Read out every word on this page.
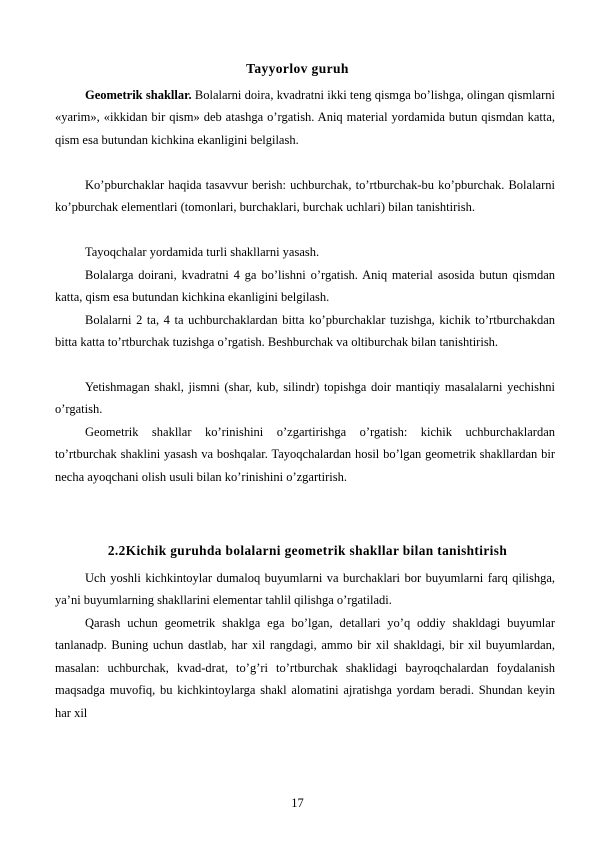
Tayyorlov guruh
Geometrik shakllar. Bolalarni doira, kvadratni ikki teng qismga bo’lishga, olingan qismlarni «yarim», «ikkidan bir qism» deb atashga o’rgatish. Aniq material yordamida butun qismdan katta, qism esa butundan kichkina ekanligini belgilash.
Ko’pburchaklar haqida tasavvur berish: uchburchak, to’rtburchak-bu ko’pburchak. Bolalarni ko’pburchak elementlari (tomonlari, burchaklari, burchak uchlari) bilan tanishtirish.
Tayoqchalar yordamida turli shakllarni yasash.
Bolalarga doirani, kvadratni 4 ga bo’lishni o’rgatish. Aniq material asosida butun qismdan katta, qism esa butundan kichkina ekanligini belgilash.
Bolalarni 2 ta, 4 ta uchburchaklardan bitta ko’pburchaklar tuzishga, kichik to’rtburchakdan bitta katta to’rtburchak tuzishga o’rgatish. Beshburchak va oltiburchak bilan tanishtirish.
Yetishmagan shakl, jismni (shar, kub, silindr) topishga doir mantiqiy masalalarni yechishni o’rgatish.
Geometrik shakllar ko’rinishini o’zgartirishga o’rgatish: kichik uchburchaklardan to’rtburchak shaklini yasash va boshqalar. Tayoqchalardan hosil bo’lgan geometrik shakllardan bir necha ayoqchani olish usuli bilan ko’rinishini o’zgartirish.
2.2Kichik guruhda bolalarni geometrik shakllar bilan tanishtirish
Uch yoshli kichkintoylar dumaloq buyumlarni va burchaklari bor buyumlarni farq qilishga, ya’ni buyumlarning shakllarini elementar tahlil qilishga o’rgatiladi.
Qarash uchun geometrik shaklga ega bo’lgan, detallari yo’q oddiy shakldagi buyumlar tanlanadp. Buning uchun dastlab, har xil rangdagi, ammo bir xil shakldagi, bir xil buyumlardan, masalan: uchburchak, kvad-drat, to’g’ri to’rtburchak shaklidagi bayroqchalardan foydalanish maqsadga muvofiq, bu kichkintoylarga shakl alomatini ajratishga yordam beradi. Shundan keyin har xil
17
